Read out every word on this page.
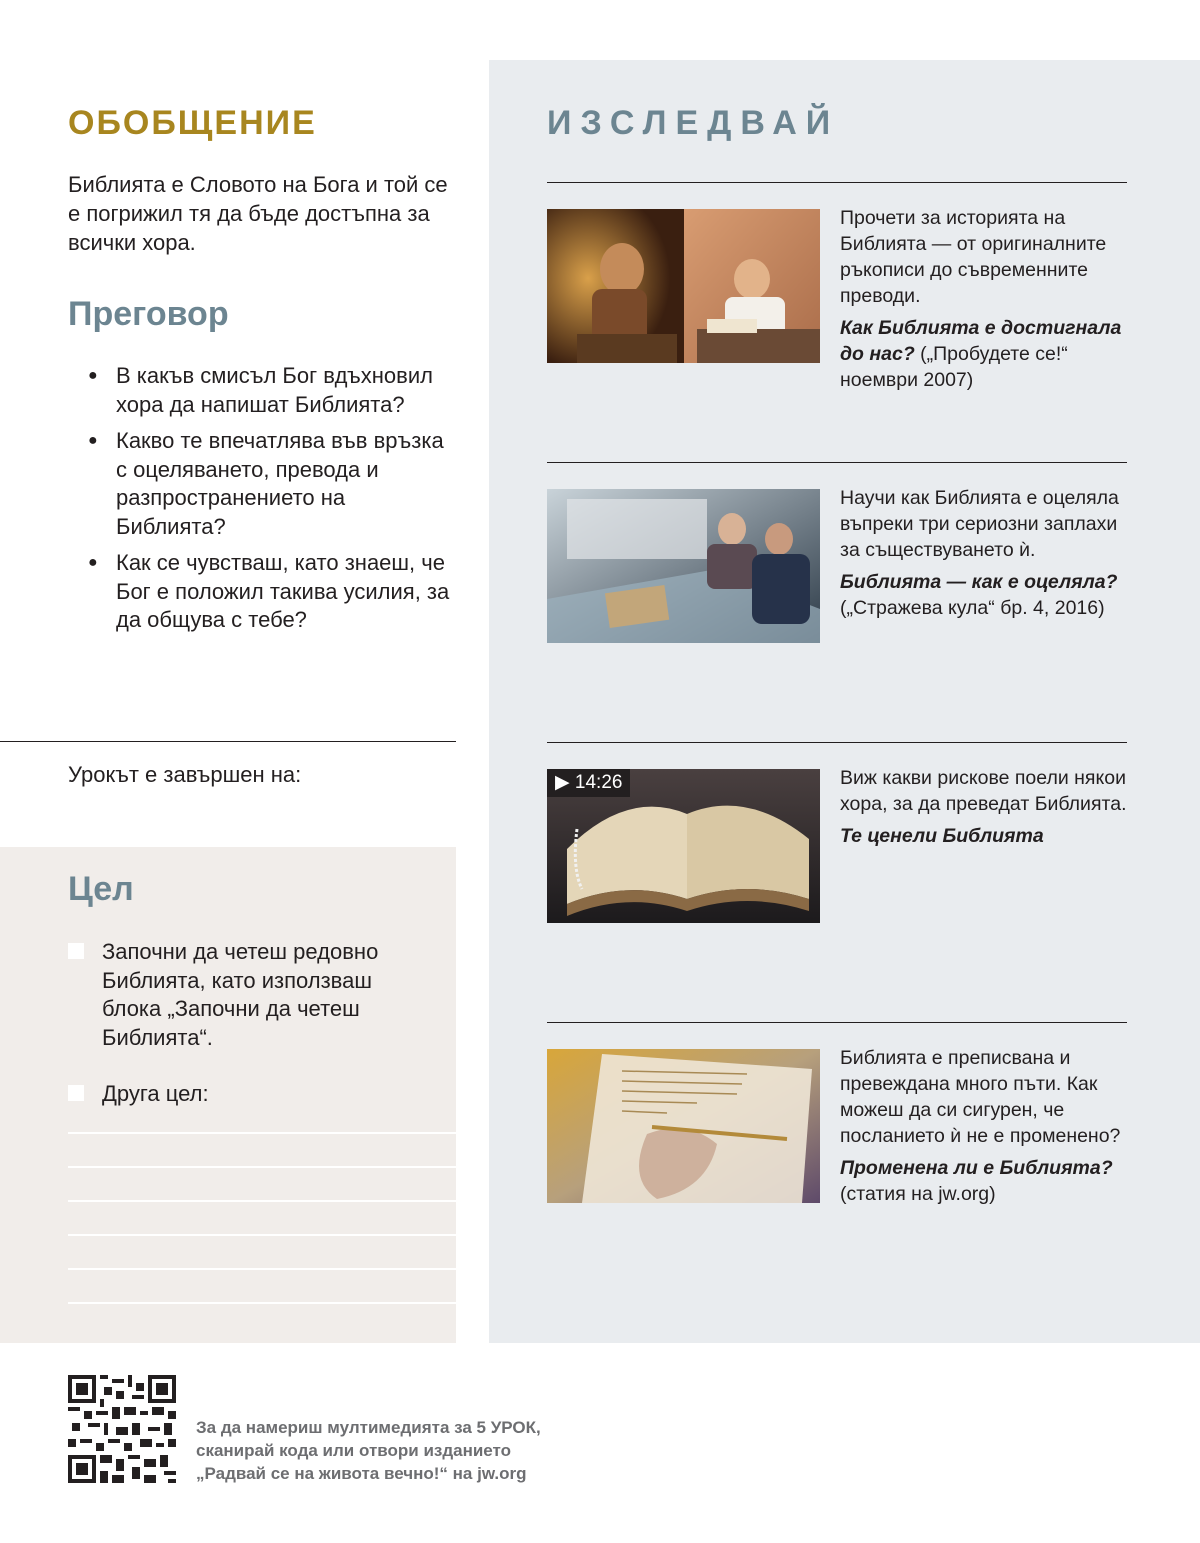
ОБОБЩЕНИЕ
Библията е Словото на Бога и той се е погрижил тя да бъде достъпна за всички хора.
Преговор
● В какъв смисъл Бог вдъхновил хора да напишат Библията?
● Какво те впечатлява във връзка с оцеляването, превода и разпространението на Библията?
● Как се чувстваш, като знаеш, че Бог е положил такива усилия, за да общува с тебе?
Урокът е завършен на:
Цел
Започни да четеш редовно Библията, като използваш блока „Започни да четеш Библията“.
Друга цел:
ИЗСЛЕДВАЙ

Прочети за историята на Библията — от оригиналните ръкописи до съвременните преводи.

Как Библията е достигнала до нас? („Пробудете се!“ ноември 2007)

Научи как Библията е оцеляла въпреки три сериозни заплахи за съществуването ѝ.

Библията — как е оцеляла?
(„Стражева кула“ бр. 4, 2016)

▶ 14:26	Виж какви рискове поели някои хора, за да преведат Библията.

Те ценели Библията

Библията е преписвана и превеждана много пъти. Как можеш да си сигурен, че посланието ѝ не е променено?

Променена ли е Библията?
(статия на jw.org)

За да намериш мултимедията за 5 УРОК,
сканирай кода или отвори изданието
„Радвай се на живота вечно!“ на jw.org
